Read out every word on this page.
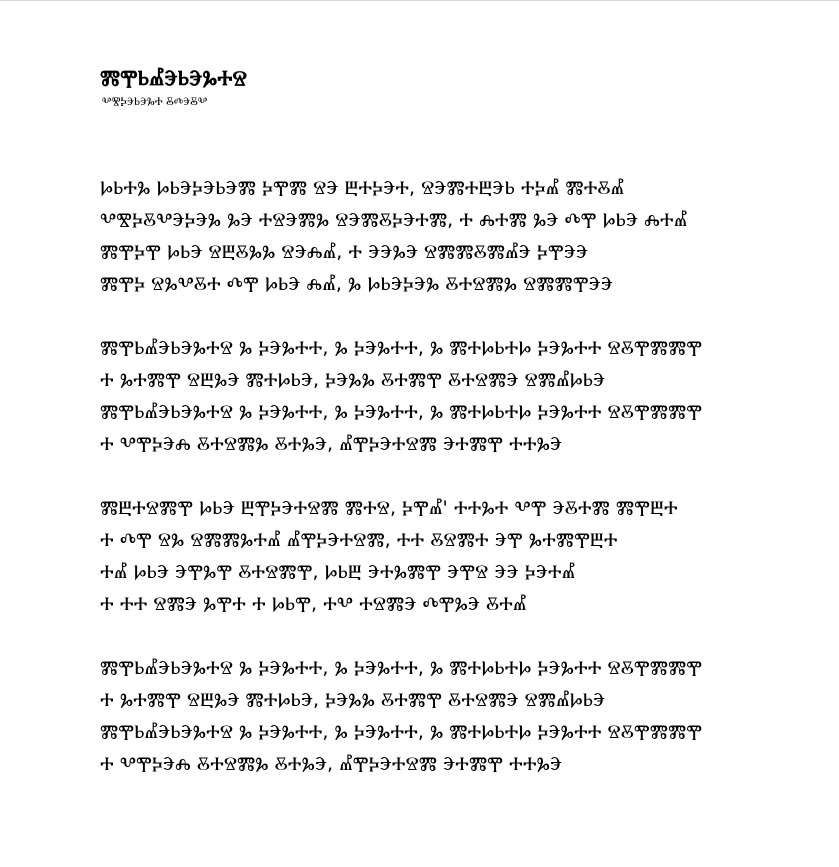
ⰏⰉⰓⰌⰅⰓⰅⰃⰀⰔ
ⰂⰊⰍⰅⰓⰅⰃⰀ ⰋⰄⰅⰋⰂ
ⰘⰓⰀⰃ ⰘⰓⰅⰍⰅⰓⰅⰏ ⰍⰉⰏ ⰔⰅ ⰁⰀⰍⰅⰀ, ⰔⰅⰏⰀⰁⰅⰓ ⰀⰍⰌ ⰏⰀⰋⰌ
ⰂⰊⰍⰋⰂⰅⰍⰅⰃ ⰃⰅ ⰀⰔⰅⰏⰃ ⰔⰅⰏⰋⰍⰅⰀⰏ, Ⰰ ⰎⰀⰏ ⰃⰅ ⰄⰉ ⰘⰓⰅ ⰎⰀⰌ
ⰏⰉⰍⰉ ⰘⰓⰅ ⰔⰁⰋⰃⰃ ⰔⰅⰎⰌ, Ⰰ ⰅⰅⰃⰅ ⰔⰏⰏⰋⰏⰌⰅ ⰍⰉⰅⰅ
ⰏⰉⰍ ⰔⰃⰂⰋⰀ ⰄⰉ ⰘⰓⰅ ⰎⰌ, Ⰳ ⰘⰓⰅⰍⰅⰃ ⰋⰀⰔⰏⰃ ⰔⰏⰏⰉⰅⰅ
ⰏⰉⰓⰌⰅⰓⰅⰃⰀⰔ Ⰳ ⰍⰅⰃⰀⰀ, Ⰳ ⰍⰅⰃⰀⰀ, Ⰳ ⰏⰀⰘⰓⰀⰘ ⰍⰅⰃⰀⰀ ⰔⰋⰉⰏⰏⰉ
Ⰰ ⰃⰀⰏⰉ ⰔⰁⰃⰅ ⰏⰀⰘⰓⰅ, ⰍⰅⰃⰃ ⰋⰀⰏⰉ ⰋⰀⰔⰏⰅ ⰔⰏⰌⰘⰓⰅ
ⰏⰉⰓⰌⰅⰓⰅⰃⰀⰔ Ⰳ ⰍⰅⰃⰀⰀ, Ⰳ ⰍⰅⰃⰀⰀ, Ⰳ ⰏⰀⰘⰓⰀⰘ ⰍⰅⰃⰀⰀ ⰔⰋⰉⰏⰏⰉ
Ⰰ ⰂⰉⰍⰅⰎ ⰋⰀⰔⰏⰃ ⰋⰀⰃⰅ, ⰌⰉⰍⰅⰀⰔⰏ ⰅⰀⰏⰉ ⰀⰀⰃⰅ
ⰏⰁⰀⰔⰏⰉ ⰘⰓⰅ ⰁⰉⰍⰅⰀⰔⰏ ⰏⰀⰔ, ⰍⰉⰌ' ⰀⰀⰃⰀ ⰂⰉ ⰅⰋⰀⰏ ⰏⰉⰁⰀ
Ⰰ ⰄⰉ ⰔⰃ ⰔⰏⰏⰃⰀⰌ ⰌⰉⰍⰅⰀⰔⰏ, ⰀⰀ ⰋⰔⰏⰀ ⰅⰉ ⰃⰀⰏⰉⰁⰀ
ⰀⰌ ⰘⰓⰅ ⰅⰉⰃⰉ ⰋⰀⰔⰏⰉ, ⰘⰓⰁ ⰅⰀⰃⰏⰉ ⰅⰉⰔ ⰅⰅ ⰍⰅⰀⰌ
Ⰰ ⰀⰀ ⰔⰏⰅ ⰃⰉⰀ Ⰰ ⰘⰓⰉ, ⰀⰂ ⰀⰔⰏⰅ ⰄⰉⰃⰅ ⰋⰀⰌ
ⰏⰉⰓⰌⰅⰓⰅⰃⰀⰔ Ⰳ ⰍⰅⰃⰀⰀ, Ⰳ ⰍⰅⰃⰀⰀ, Ⰳ ⰏⰀⰘⰓⰀⰘ ⰍⰅⰃⰀⰀ ⰔⰋⰉⰏⰏⰉ
Ⰰ ⰃⰀⰏⰉ ⰔⰁⰃⰅ ⰏⰀⰘⰓⰅ, ⰍⰅⰃⰃ ⰋⰀⰏⰉ ⰋⰀⰔⰏⰅ ⰔⰏⰌⰘⰓⰅ
ⰏⰉⰓⰌⰅⰓⰅⰃⰀⰔ Ⰳ ⰍⰅⰃⰀⰀ, Ⰳ ⰍⰅⰃⰀⰀ, Ⰳ ⰏⰀⰘⰓⰀⰘ ⰍⰅⰃⰀⰀ ⰔⰋⰉⰏⰏⰉ
Ⰰ ⰂⰉⰍⰅⰎ ⰋⰀⰔⰏⰃ ⰋⰀⰃⰅ, ⰌⰉⰍⰅⰀⰔⰏ ⰅⰀⰏⰉ ⰀⰀⰃⰅ
